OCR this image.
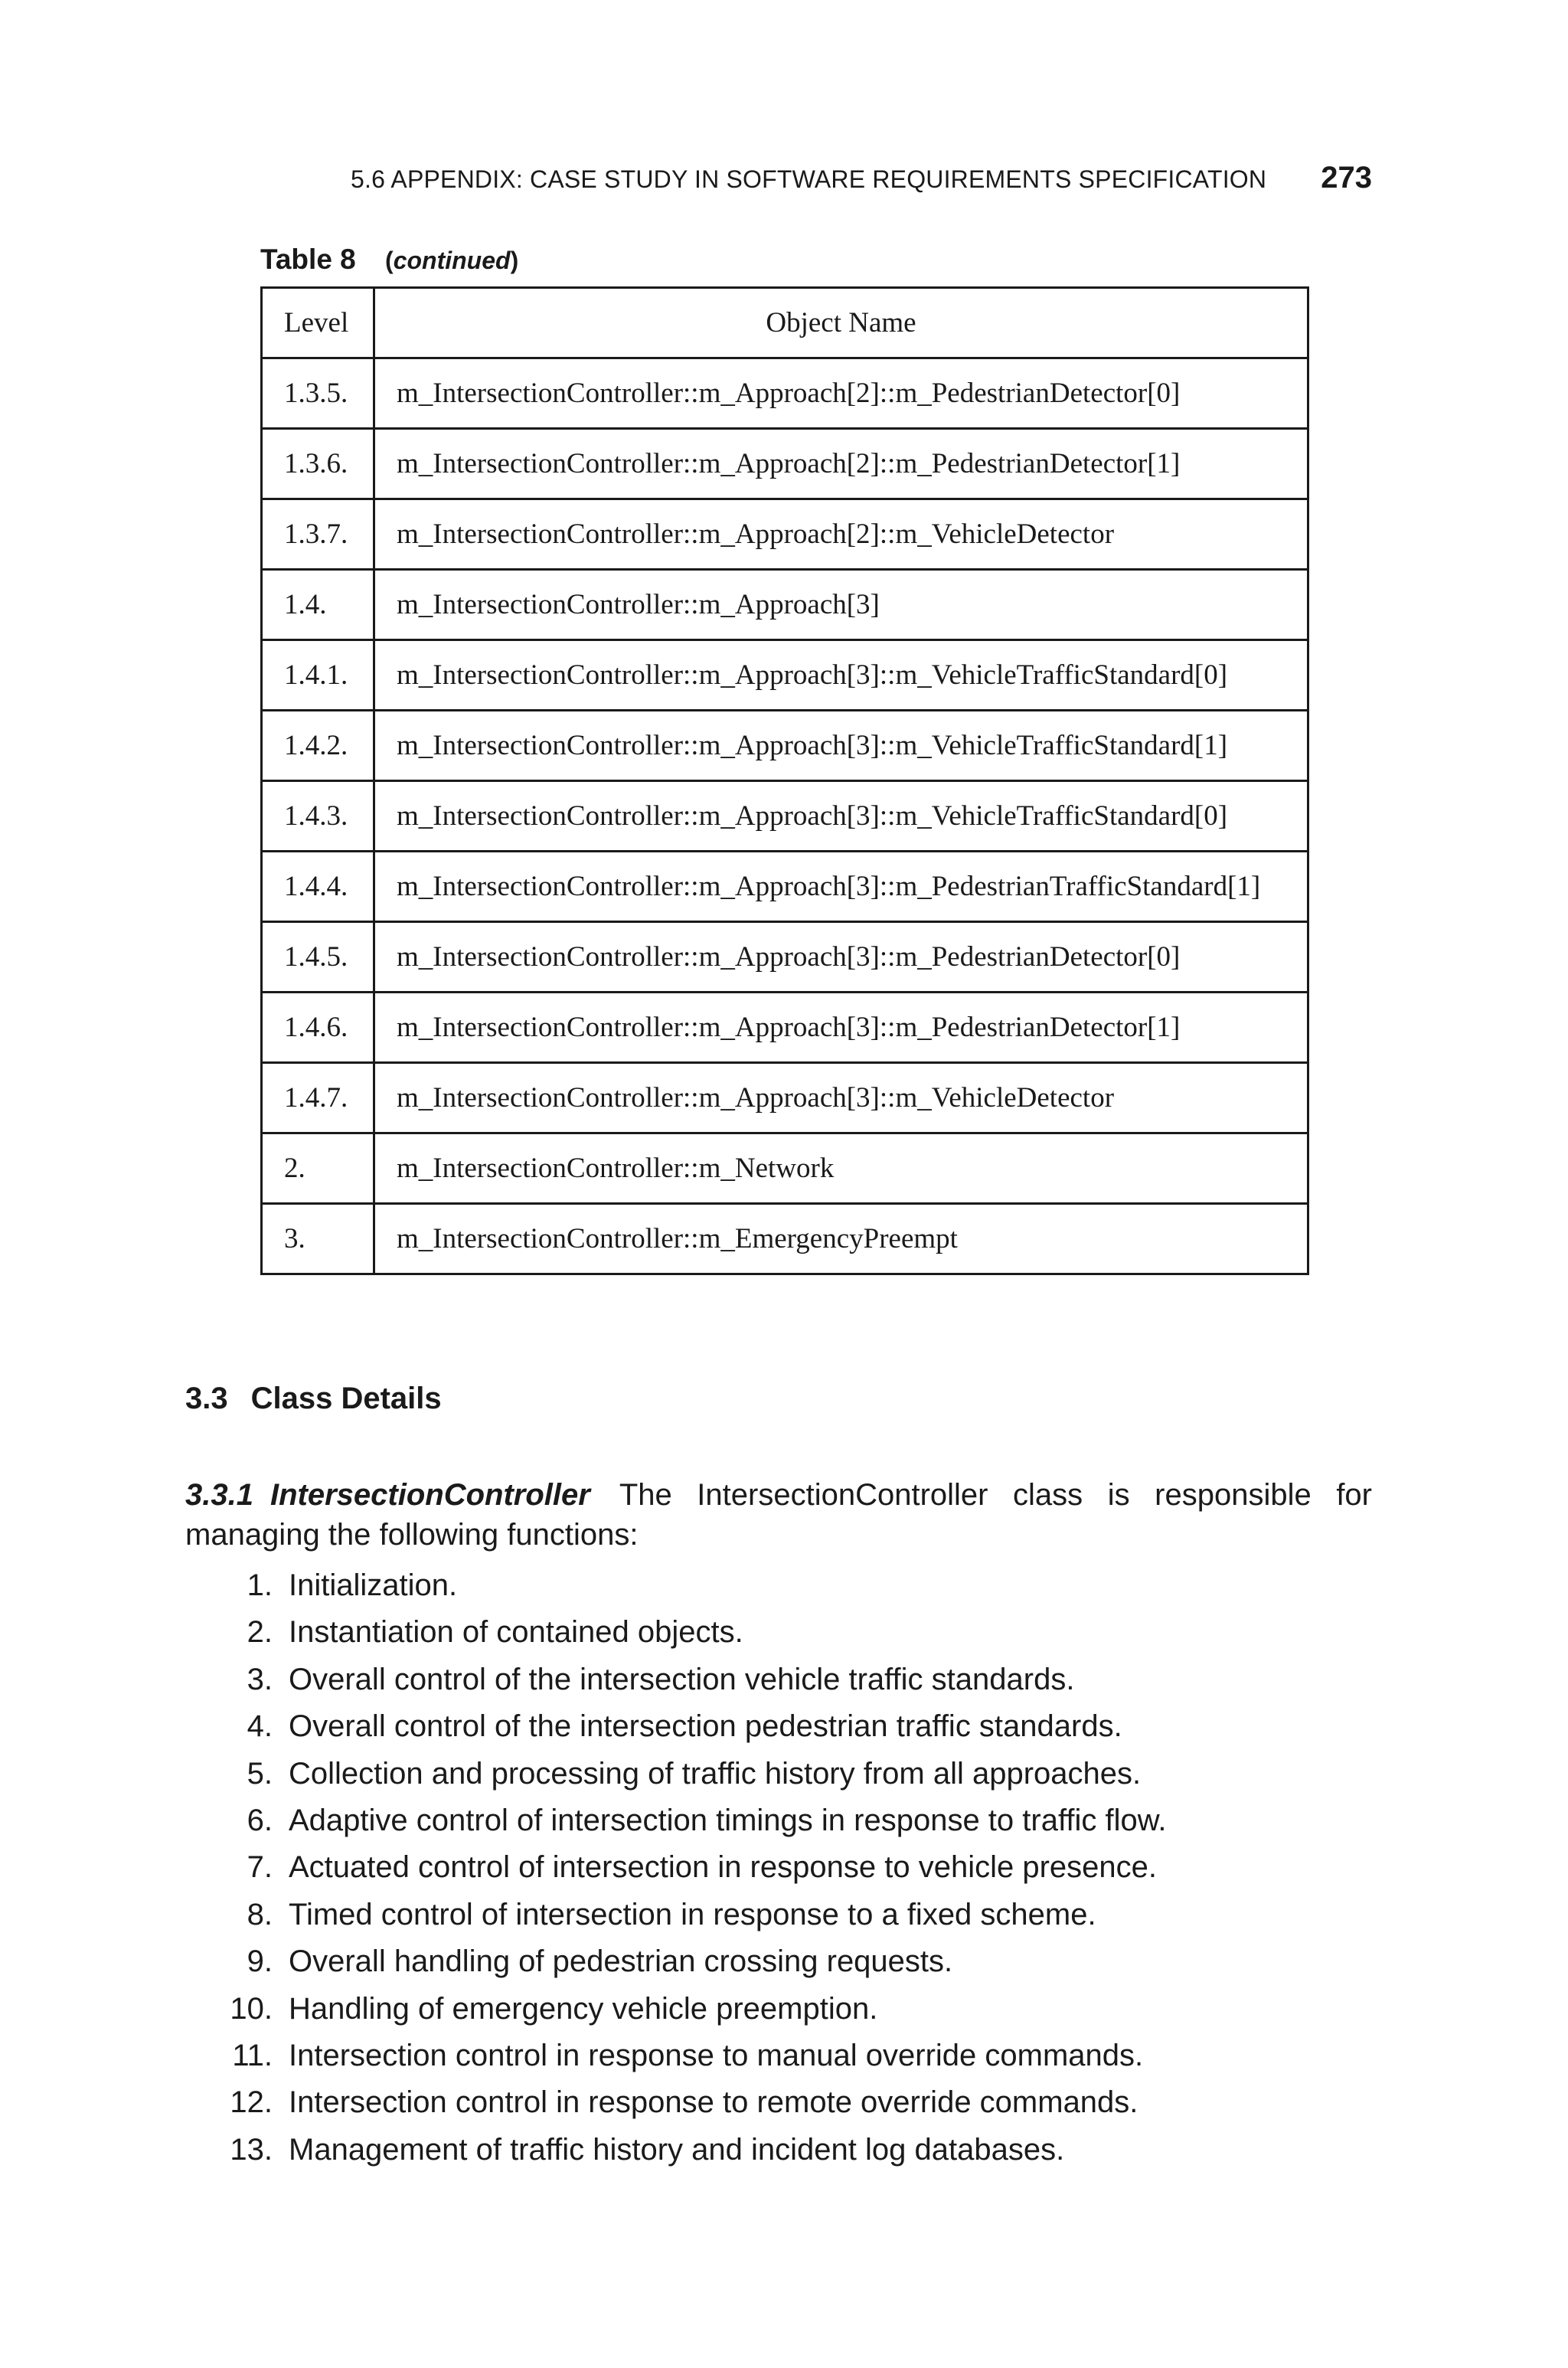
5.6 APPENDIX: CASE STUDY IN SOFTWARE REQUIREMENTS SPECIFICATION 273
Table 8 (continued)
Level	Object Name
1.3.5.	m_IntersectionController::m_Approach[2]::m_PedestrianDetector[0]
1.3.6.	m_IntersectionController::m_Approach[2]::m_PedestrianDetector[1]
1.3.7.	m_IntersectionController::m_Approach[2]::m_VehicleDetector
1.4.	m_IntersectionController::m_Approach[3]
1.4.1.	m_IntersectionController::m_Approach[3]::m_VehicleTrafficStandard[0]
1.4.2.	m_IntersectionController::m_Approach[3]::m_VehicleTrafficStandard[1]
1.4.3.	m_IntersectionController::m_Approach[3]::m_VehicleTrafficStandard[0]
1.4.4.	m_IntersectionController::m_Approach[3]::m_PedestrianTrafficStandard[1]
1.4.5.	m_IntersectionController::m_Approach[3]::m_PedestrianDetector[0]
1.4.6.	m_IntersectionController::m_Approach[3]::m_PedestrianDetector[1]
1.4.7.	m_IntersectionController::m_Approach[3]::m_VehicleDetector
2.	m_IntersectionController::m_Network
3.	m_IntersectionController::m_EmergencyPreempt
3.3 Class Details

3.3.1 IntersectionController The IntersectionController class is responsible for managing the following functions:

1. Initialization.
2. Instantiation of contained objects.
3. Overall control of the intersection vehicle traffic standards.
4. Overall control of the intersection pedestrian traffic standards.
5. Collection and processing of traffic history from all approaches.
6. Adaptive control of intersection timings in response to traffic flow.
7. Actuated control of intersection in response to vehicle presence.
8. Timed control of intersection in response to a fixed scheme.
9. Overall handling of pedestrian crossing requests.
10. Handling of emergency vehicle preemption.
11. Intersection control in response to manual override commands.
12. Intersection control in response to remote override commands.
13. Management of traffic history and incident log databases.
